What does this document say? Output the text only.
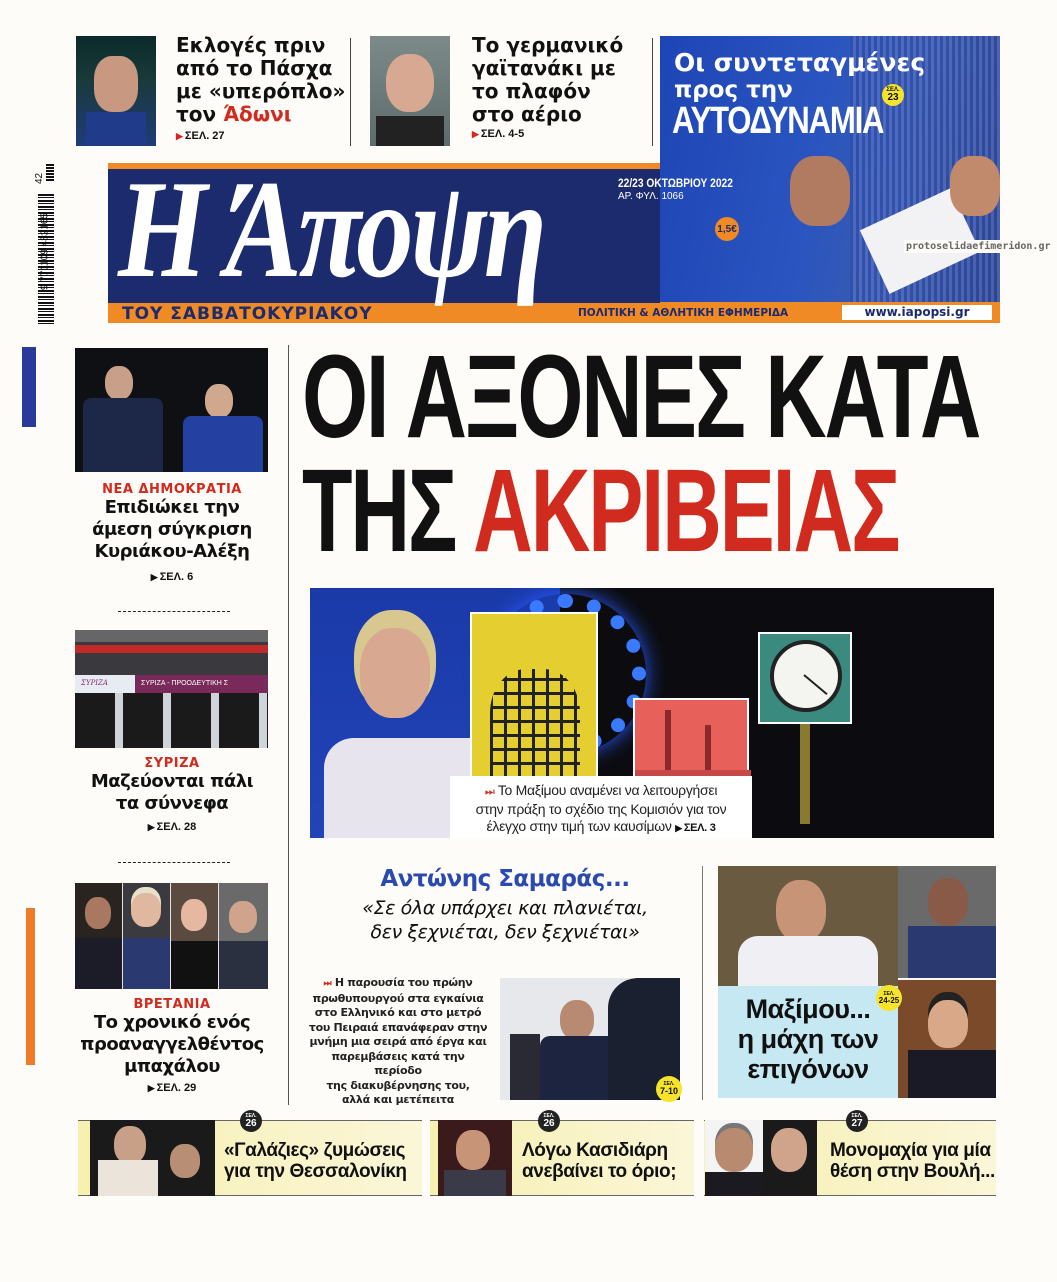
Εκλογές πριν
από το Πάσχα
με «υπερόπλο»
τον Άδωνι
▶ ΣΕΛ. 27
Το γερμανικό
γαϊτανάκι με
το πλαφόν
στο αέριο
▶ ΣΕΛ. 4-5
Οι συντεταγμένες
προς την
ΑΥΤΟΔΥΝΑΜΙΑ
ΣΕΛ.
23
42
9 771109 482165 Η Άποψη	22/23 ΟΚΤΩΒΡΙΟΥ 2022
ΑΡ. ΦΥΛ. 1066
1,5€
ΤΟΥ ΣΑΒΒΑΤΟΚΥΡΙΑΚΟΥ	ΠΟΛΙΤΙΚΗ & ΑΘΛΗΤΙΚΗ ΕΦΗΜΕΡΙΔΑ	www.iapopsi.gr
protoselidaefimeridon.gr
ΝΕΑ ΔΗΜΟΚΡΑΤΙΑ
Επιδιώκει την
άμεση σύγκριση
Κυριάκου-Αλέξη
▶ ΣΕΛ. 6
ΣΥΡΙΖΑ	ΣΥΡΙΖΑ - ΠΡΟΟΔΕΥΤΙΚΗ Σ
ΣΥΡΙΖΑ
Μαζεύονται πάλι
τα σύννεφα
▶ ΣΕΛ. 28
ΒΡΕΤΑΝΙΑ
Το χρονικό ενός
προαναγγελθέντος
μπαχάλου
▶ ΣΕΛ. 29
ΟΙ ΑΞΟΝΕΣ ΚΑΤΑ
ΤΗΣ ΑΚΡΙΒΕΙΑΣ
⏭ Το Μαξίμου αναμένει να λειτουργήσει
στην πράξη το σχέδιο της Κομισιόν για τον
έλεγχο στην τιμή των καυσίμων ▶ ΣΕΛ. 3
Αντώνης Σαμαράς...
«Σε όλα υπάρχει και πλανιέται,
δεν ξεχνιέται, δεν ξεχνιέται»
⏭ Η παρουσία του πρώην
πρωθυπουργού στα εγκαίνια
στο Ελληνικό και στο μετρό
του Πειραιά επανάφεραν στην
μνήμη μια σειρά από έργα και
παρεμβάσεις κατά την περίοδο
της διακυβέρνησης του,
αλλά και μετέπειτα
ΣΕΛ.
7-10
Μαξίμου...
η μάχη των
επιγόνων
ΣΕΛ.
24-25
ΣΕΛ.
26
«Γαλάζιες» ζυμώσεις
για την Θεσσαλονίκη
ΣΕΛ.
26
Λόγω Κασιδιάρη
ανεβαίνει το όριο;
ΣΕΛ.
27
Μονομαχία για μία
θέση στην Βουλή...
